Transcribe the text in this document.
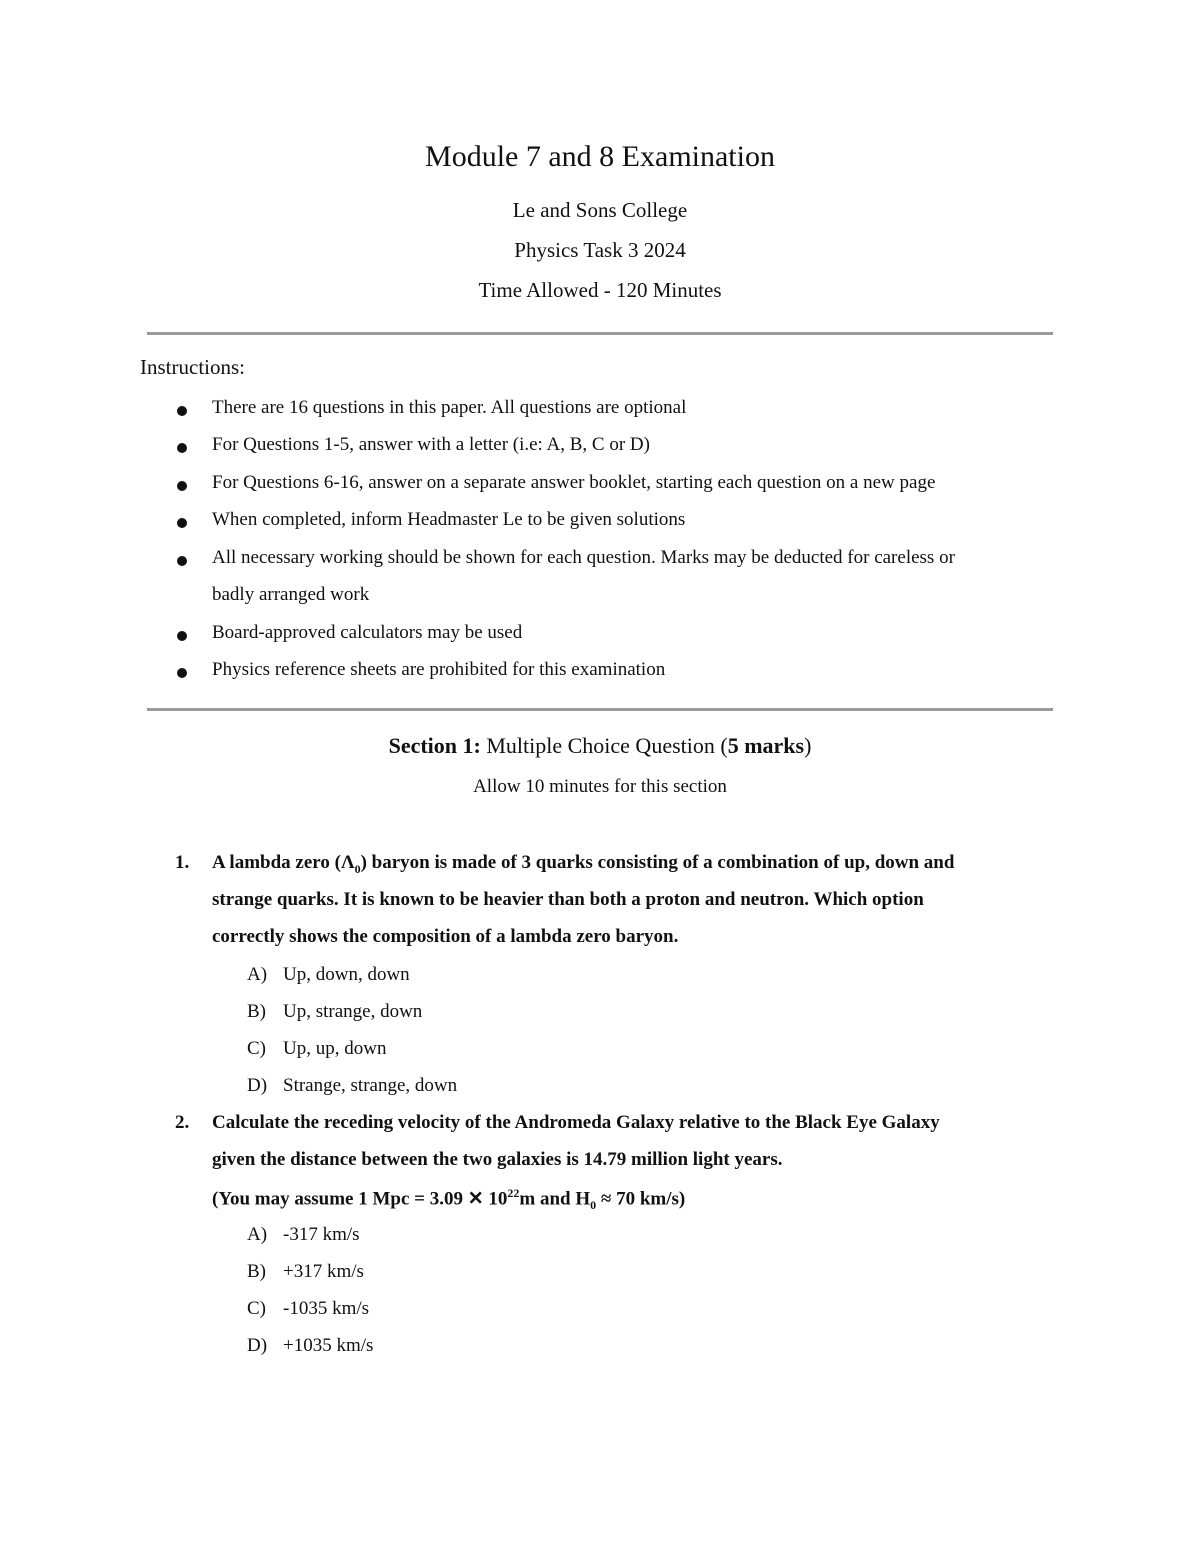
Module 7 and 8 Examination
Le and Sons College
Physics Task 3 2024
Time Allowed - 120 Minutes
Instructions:
There are 16 questions in this paper. All questions are optional
For Questions 1-5, answer with a letter (i.e: A, B, C or D)
For Questions 6-16, answer on a separate answer booklet, starting each question on a new page
When completed, inform Headmaster Le to be given solutions
All necessary working should be shown for each question. Marks may be deducted for careless or
badly arranged work
Board-approved calculators may be used
Physics reference sheets are prohibited for this examination
Section 1: Multiple Choice Question (5 marks)
Allow 10 minutes for this section
1. A lambda zero $(\Lambda_0)$ baryon is made of 3 quarks consisting of a combination of up, down and
strange quarks. It is known to be heavier than both a proton and neutron. Which option
correctly shows the composition of a lambda zero baryon.
A) Up, down, down
B) Up, strange, down
C) Up, up, down
D) Strange, strange, down
2. Calculate the receding velocity of the Andromeda Galaxy relative to the Black Eye Galaxy
given the distance between the two galaxies is 14.79 million light years.
(You may assume 1 Mpc = 3.09 ✕ $10^{22}m$ and $H_0 \approx 70$ km/s)
A) -317 km/s
B) +317 km/s
C) -1035 km/s
D) +1035 km/s
